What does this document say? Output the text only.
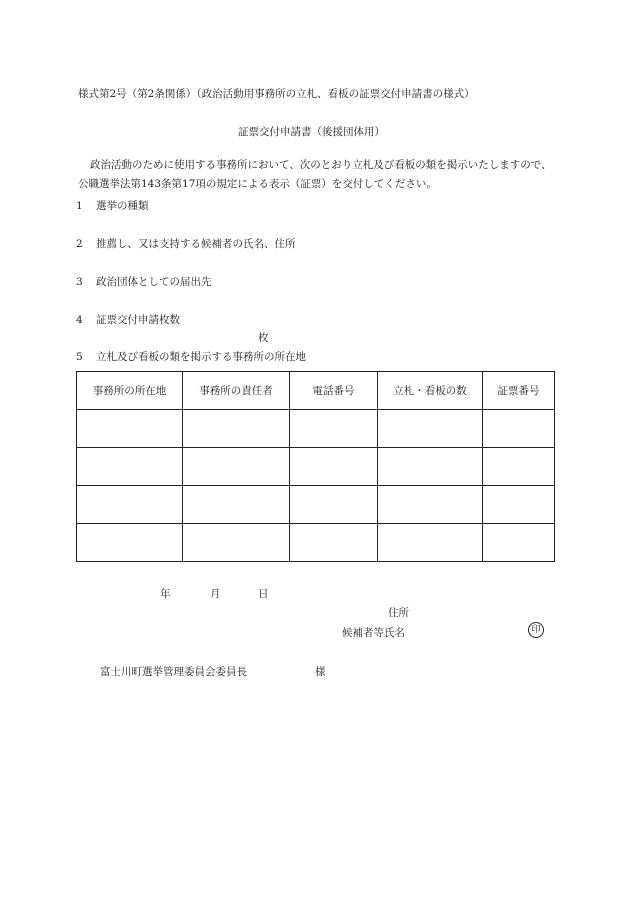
様式第2号（第2条関係）（政治活動用事務所の立札、看板の証票交付申請書の様式）
証票交付申請書（後援団体用）
政治活動のために使用する事務所において、次のとおり立札及び看板の類を掲示いたしますので、公職選挙法第143条第17項の規定による表示（証票）を交付してください。
1 選挙の種類
2 推薦し、又は支持する候補者の氏名、住所
3 政治団体としての届出先
4 証票交付申請枚数
枚
5 立札及び看板の類を掲示する事務所の所在地
事務所の所在地	事務所の責任者	電話番号	立札・看板の数	証票番号

年	月	日
住所
候補者等氏名	印
富士川町選挙管理委員会委員長	様
